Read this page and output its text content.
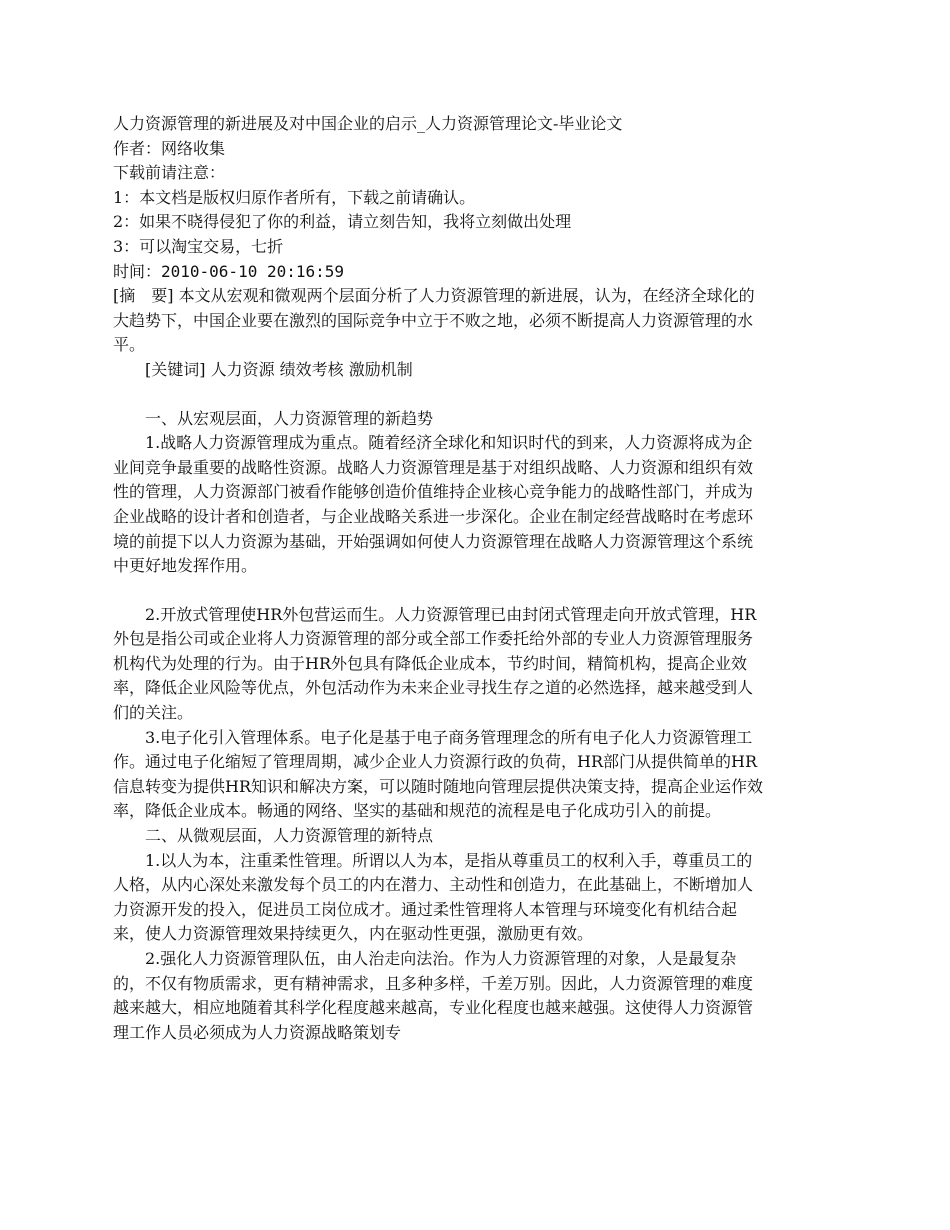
人力资源管理的新进展及对中国企业的启示_人力资源管理论文-毕业论文

作者：网络收集

下载前请注意：

1：本文档是版权归原作者所有，下载之前请确认。

2：如果不晓得侵犯了你的利益，请立刻告知，我将立刻做出处理

3：可以淘宝交易，七折

时间：2010-06-10 20:16:59

[摘　要] 本文从宏观和微观两个层面分析了人力资源管理的新进展，认为，在经济全球化的大趋势下，中国企业要在激烈的国际竞争中立于不败之地，必须不断提高人力资源管理的水平。

[关键词] 人力资源 绩效考核 激励机制

一、从宏观层面，人力资源管理的新趋势

1.战略人力资源管理成为重点。随着经济全球化和知识时代的到来，人力资源将成为企业间竞争最重要的战略性资源。战略人力资源管理是基于对组织战略、人力资源和组织有效性的管理，人力资源部门被看作能够创造价值维持企业核心竞争能力的战略性部门，并成为企业战略的设计者和创造者，与企业战略关系进一步深化。企业在制定经营战略时在考虑环境的前提下以人力资源为基础，开始强调如何使人力资源管理在战略人力资源管理这个系统中更好地发挥作用。

2.开放式管理使HR外包营运而生。人力资源管理已由封闭式管理走向开放式管理，HR外包是指公司或企业将人力资源管理的部分或全部工作委托给外部的专业人力资源管理服务机构代为处理的行为。由于HR外包具有降低企业成本，节约时间，精简机构，提高企业效率，降低企业风险等优点，外包活动作为未来企业寻找生存之道的必然选择，越来越受到人们的关注。

3.电子化引入管理体系。电子化是基于电子商务管理理念的所有电子化人力资源管理工作。通过电子化缩短了管理周期，减少企业人力资源行政的负荷，HR部门从提供简单的HR信息转变为提供HR知识和解决方案，可以随时随地向管理层提供决策支持，提高企业运作效率，降低企业成本。畅通的网络、坚实的基础和规范的流程是电子化成功引入的前提。

二、从微观层面，人力资源管理的新特点

1.以人为本，注重柔性管理。所谓以人为本，是指从尊重员工的权利入手，尊重员工的人格，从内心深处来激发每个员工的内在潜力、主动性和创造力，在此基础上，不断增加人力资源开发的投入，促进员工岗位成才。通过柔性管理将人本管理与环境变化有机结合起来，使人力资源管理效果持续更久，内在驱动性更强，激励更有效。

2.强化人力资源管理队伍，由人治走向法治。作为人力资源管理的对象，人是最复杂的，不仅有物质需求，更有精神需求，且多种多样，千差万别。因此，人力资源管理的难度越来越大，相应地随着其科学化程度越来越高，专业化程度也越来越强。这使得人力资源管理工作人员必须成为人力资源战略策划专
